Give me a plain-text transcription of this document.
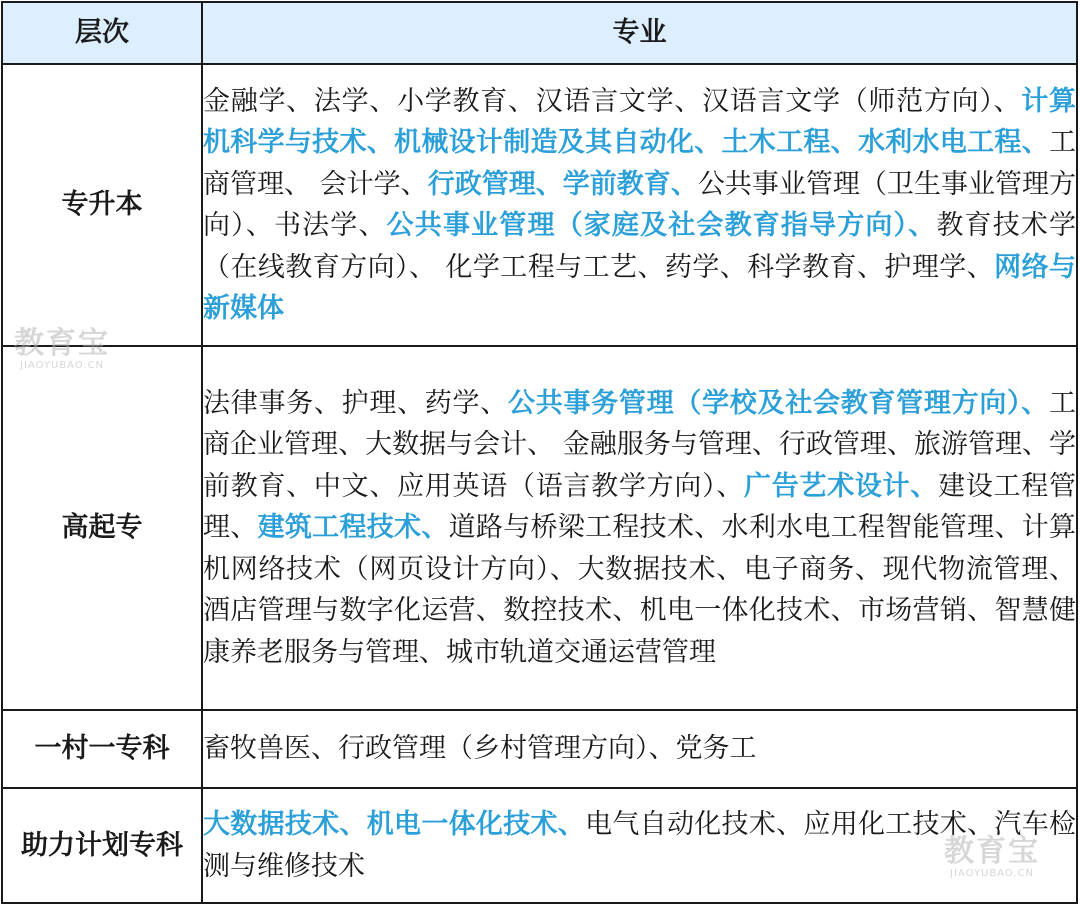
层次	专业
专升本	金融学、法学、小学教育、汉语言文学、汉语言文学（师范方向）、计算机科学与技术、机械设计制造及其自动化、土木工程、水利水电工程、工商管理、 会计学、行政管理、学前教育、公共事业管理（卫生事业管理方向）、书法学、公共事业管理（家庭及社会教育指导方向）、教育技术学（在线教育方向）、 化学工程与工艺、药学、科学教育、护理学、网络与新媒体
高起专	法律事务、护理、药学、公共事务管理（学校及社会教育管理方向）、工商企业管理、大数据与会计、 金融服务与管理、行政管理、旅游管理、学前教育、中文、应用英语（语言教学方向）、广告艺术设计、建设工程管理、建筑工程技术、道路与桥梁工程技术、水利水电工程智能管理、计算机网络技术（网页设计方向）、大数据技术、电子商务、现代物流管理、酒店管理与数字化运营、数控技术、机电一体化技术、市场营销、智慧健康养老服务与管理、城市轨道交通运营管理
一村一专科	畜牧兽医、行政管理（乡村管理方向）、党务工
助力计划专科	大数据技术、机电一体化技术、电气自动化技术、应用化工技术、汽车检测与维修技术
教育宝
JIAOYUBAO.CN
教育宝
JIAOYUBAO.CN
